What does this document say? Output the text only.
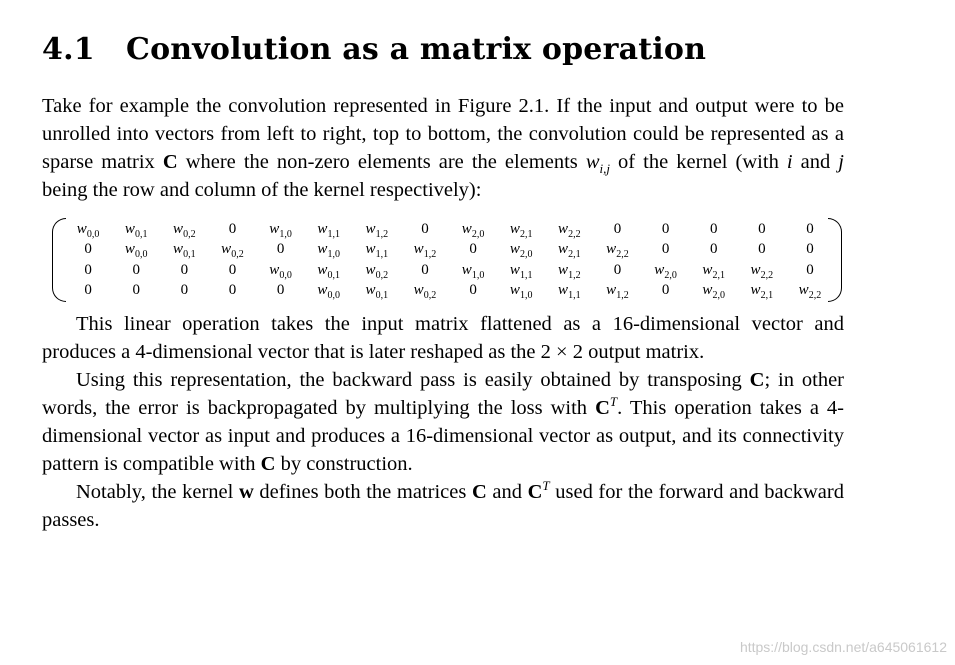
4.1 Convolution as a matrix operation

Take for example the convolution represented in Figure 2.1. If the input and output were to be unrolled into vectors from left to right, top to bottom, the convolution could be represented as a sparse matrix C where the non-zero elements are the elements $w_{i,j}$ of the kernel (with i and j being the row and column of the kernel respectively):

$w_{0,0}$	$w_{0,1}$	$w_{0,2}$	0	$w_{1,0}$	$w_{1,1}$	$w_{1,2}$	0	$w_{2,0}$	$w_{2,1}$	$w_{2,2}$	0	0	0	0	0
0	$w_{0,0}$	$w_{0,1}$	$w_{0,2}$	0	$w_{1,0}$	$w_{1,1}$	$w_{1,2}$	0	$w_{2,0}$	$w_{2,1}$	$w_{2,2}$	0	0	0	0
0	0	0	0	$w_{0,0}$	$w_{0,1}$	$w_{0,2}$	0	$w_{1,0}$	$w_{1,1}$	$w_{1,2}$	0	$w_{2,0}$	$w_{2,1}$	$w_{2,2}$	0
0	0	0	0	0	$w_{0,0}$	$w_{0,1}$	$w_{0,2}$	0	$w_{1,0}$	$w_{1,1}$	$w_{1,2}$	0	$w_{2,0}$	$w_{2,1}$	$w_{2,2}$

This linear operation takes the input matrix flattened as a 16-dimensional vector and produces a 4-dimensional vector that is later reshaped as the 2 × 2 output matrix.

Using this representation, the backward pass is easily obtained by transposing C; in other words, the error is backpropagated by multiplying the loss with $C^T$. This operation takes a 4-dimensional vector as input and produces a 16-dimensional vector as output, and its connectivity pattern is compatible with C by construction.

Notably, the kernel w defines both the matrices C and $C^T$ used for the forward and backward passes.

https://blog.csdn.net/a645061612
